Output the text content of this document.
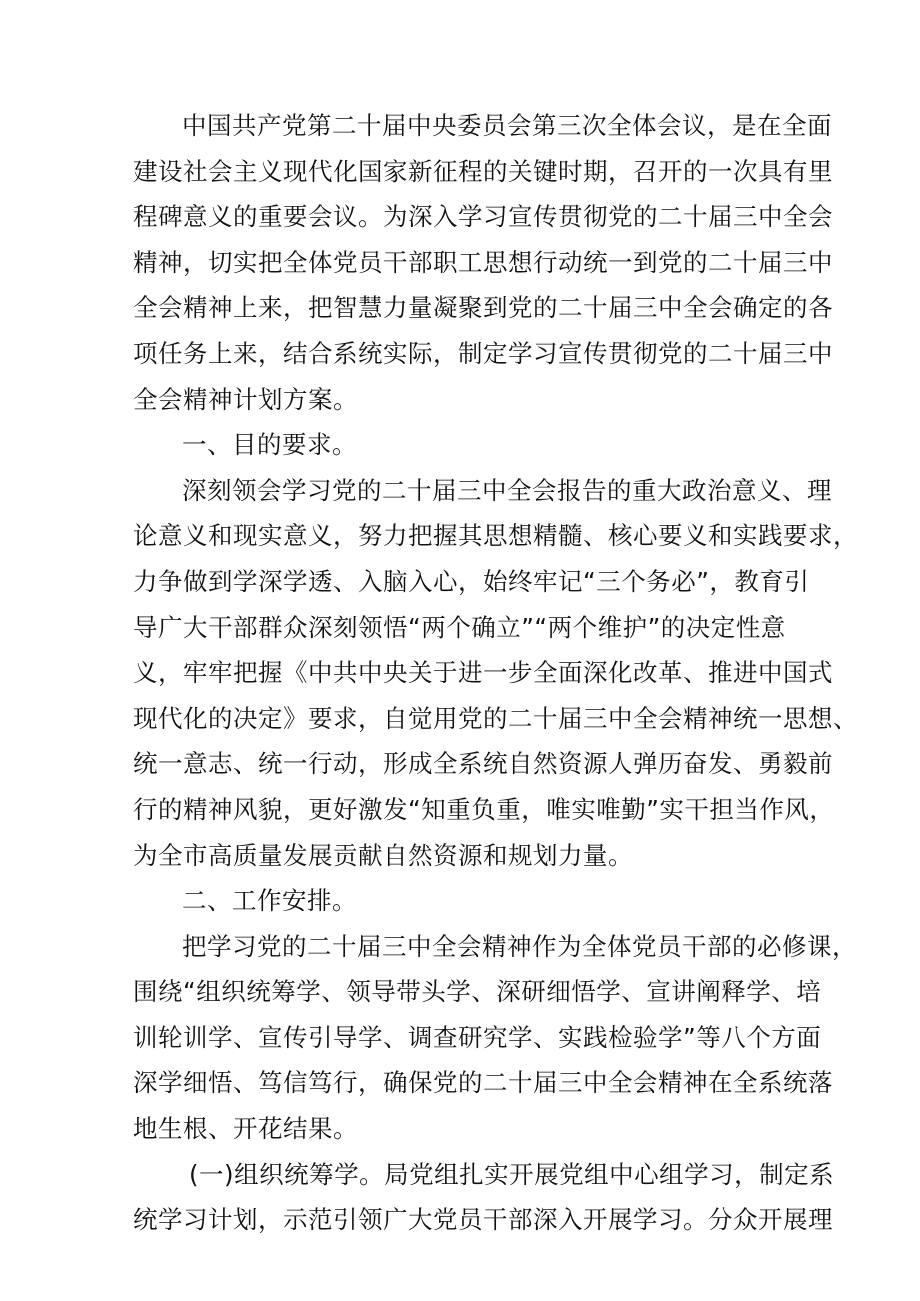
中国共产党第二十届中央委员会第三次全体会议，是在全面
建设社会主义现代化国家新征程的关键时期，召开的一次具有里
程碑意义的重要会议。为深入学习宣传贯彻党的二十届三中全会
精神，切实把全体党员干部职工思想行动统一到党的二十届三中
全会精神上来，把智慧力量凝聚到党的二十届三中全会确定的各
项任务上来，结合系统实际，制定学习宣传贯彻党的二十届三中
全会精神计划方案。
一、目的要求。
深刻领会学习党的二十届三中全会报告的重大政治意义、理
论意义和现实意义，努力把握其思想精髓、核心要义和实践要求，
力争做到学深学透、入脑入心，始终牢记“三个务必”，教育引
导广大干部群众深刻领悟“两个确立”“两个维护”的决定性意
义，牢牢把握《中共中央关于进一步全面深化改革、推进中国式
现代化的决定》要求，自觉用党的二十届三中全会精神统一思想、
统一意志、统一行动，形成全系统自然资源人弹历奋发、勇毅前
行的精神风貌，更好激发“知重负重，唯实唯勤”实干担当作风，
为全市高质量发展贡献自然资源和规划力量。
二、工作安排。
把学习党的二十届三中全会精神作为全体党员干部的必修课，
围绕“组织统筹学、领导带头学、深研细悟学、宣讲阐释学、培
训轮训学、宣传引导学、调查研究学、实践检验学”等八个方面
深学细悟、笃信笃行，确保党的二十届三中全会精神在全系统落
地生根、开花结果。
(一)组织统筹学。局党组扎实开展党组中心组学习，制定系
统学习计划，示范引领广大党员干部深入开展学习。分众开展理
